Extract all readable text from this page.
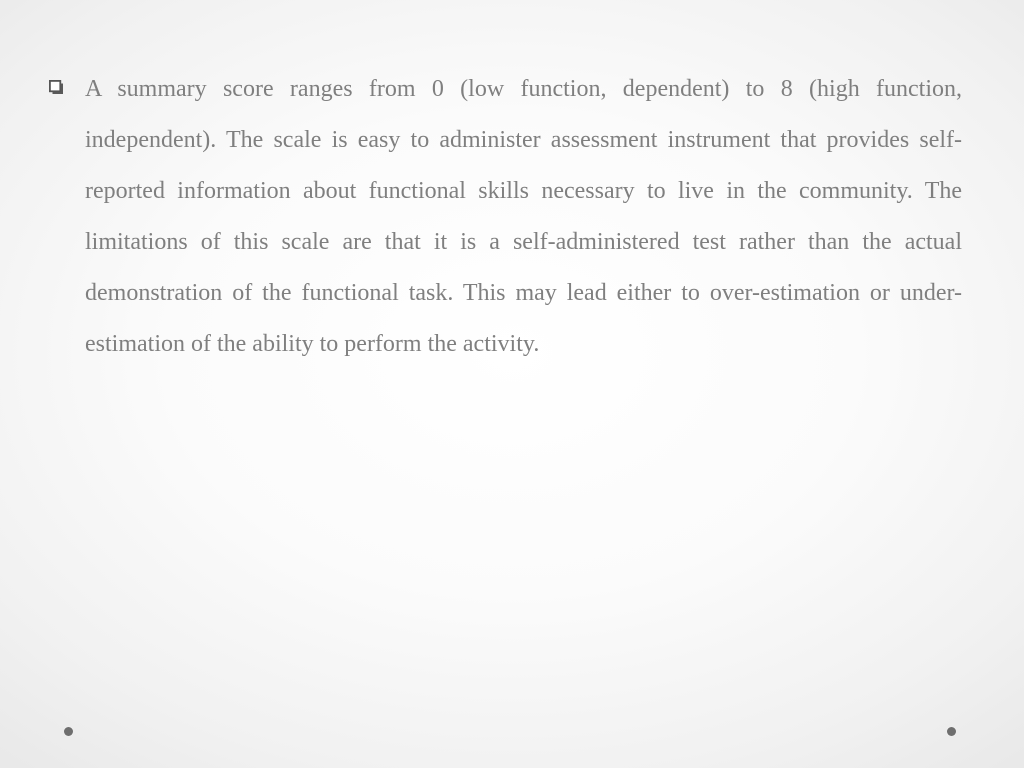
A summary score ranges from 0 (low function, dependent) to 8 (high function, independent). The scale is easy to administer assessment instrument that provides self-reported information about functional skills necessary to live in the community. The limitations of this scale are that it is a self-administered test rather than the actual demonstration of the functional task. This may lead either to over-estimation or under-estimation of the ability to perform the activity.
